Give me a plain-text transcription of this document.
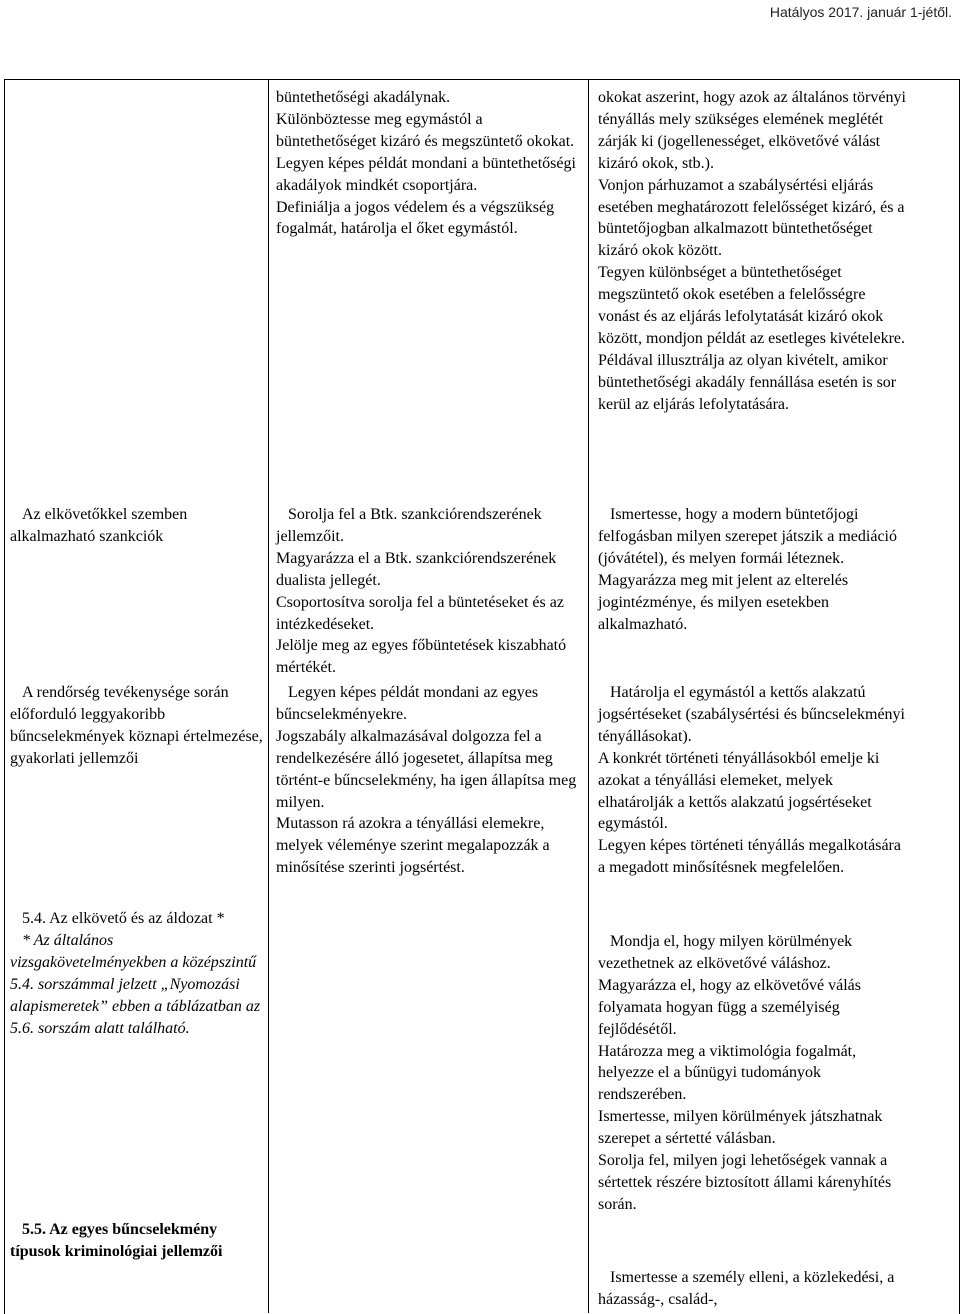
Hatályos 2017. január 1-jétől.

büntethetőségi akadálynak.

Különböztesse meg egymástól a büntethetőséget kizáró és megszüntető okokat.

Legyen képes példát mondani a büntethetőségi akadályok mindkét csoportjára.

Definiálja a jogos védelem és a végszükség fogalmát, határolja el őket egymástól.

okokat aszerint, hogy azok az általános törvényi tényállás mely szükséges elemének meglétét zárják ki (jogellenességet, elkövetővé válást kizáró okok, stb.).

Vonjon párhuzamot a szabálysértési eljárás esetében meghatározott felelősséget kizáró, és a büntetőjogban alkalmazott büntethetőséget kizáró okok között.

Tegyen különbséget a büntethetőséget megszüntető okok esetében a felelősségre vonást és az eljárás lefolytatását kizáró okok között, mondjon példát az esetleges kivételekre.

Példával illusztrálja az olyan kivételt, amikor büntethetőségi akadály fennállása esetén is sor kerül az eljárás lefolytatására.

Az elkövetőkkel szemben alkalmazható szankciók

Sorolja fel a Btk. szankciórendszerének jellemzőit.

Magyarázza el a Btk. szankciórendszerének dualista jellegét.

Csoportosítva sorolja fel a büntetéseket és az intézkedéseket.

Jelölje meg az egyes főbüntetések kiszabható mértékét.

Ismertesse, hogy a modern büntetőjogi felfogásban milyen szerepet játszik a mediáció (jóvátétel), és melyen formái léteznek.

Magyarázza meg mit jelent az elterelés jogintézménye, és milyen esetekben alkalmazható.

A rendőrség tevékenysége során előforduló leggyakoribb bűncselekmények köznapi értelmezése, gyakorlati jellemzői

Legyen képes példát mondani az egyes bűncselekményekre.

Jogszabály alkalmazásával dolgozza fel a rendelkezésére álló jogesetet, állapítsa meg történt-e bűncselekmény, ha igen állapítsa meg milyen.

Mutasson rá azokra a tényállási elemekre, melyek véleménye szerint megalapozzák a minősítése szerinti jogsértést.

Határolja el egymástól a kettős alakzatú jogsértéseket (szabálysértési és bűncselekményi tényállásokat).

A konkrét történeti tényállásokból emelje ki azokat a tényállási elemeket, melyek elhatárolják a kettős alakzatú jogsértéseket egymástól.

Legyen képes történeti tényállás megalkotására a megadott minősítésnek megfelelően.

5.4. Az elkövető és az áldozat *

* Az általános vizsgakövetelményekben a középszintű 5.4. sorszámmal jelzett „Nyomozási alapismeretek” ebben a táblázatban az 5.6. sorszám alatt található.

Mondja el, hogy milyen körülmények vezethetnek az elkövetővé váláshoz.

Magyarázza el, hogy az elkövetővé válás folyamata hogyan függ a személyiség fejlődésétől.

Határozza meg a viktimológia fogalmát, helyezze el a bűnügyi tudományok rendszerében.

Ismertesse, milyen körülmények játszhatnak szerepet a sértetté válásban.

Sorolja fel, milyen jogi lehetőségek vannak a sértettek részére biztosított állami kárenyhítés során.

5.5. Az egyes bűncselekmény típusok kriminológiai jellemzői

Ismertesse a személy elleni, a közlekedési, a házasság-, család-,
